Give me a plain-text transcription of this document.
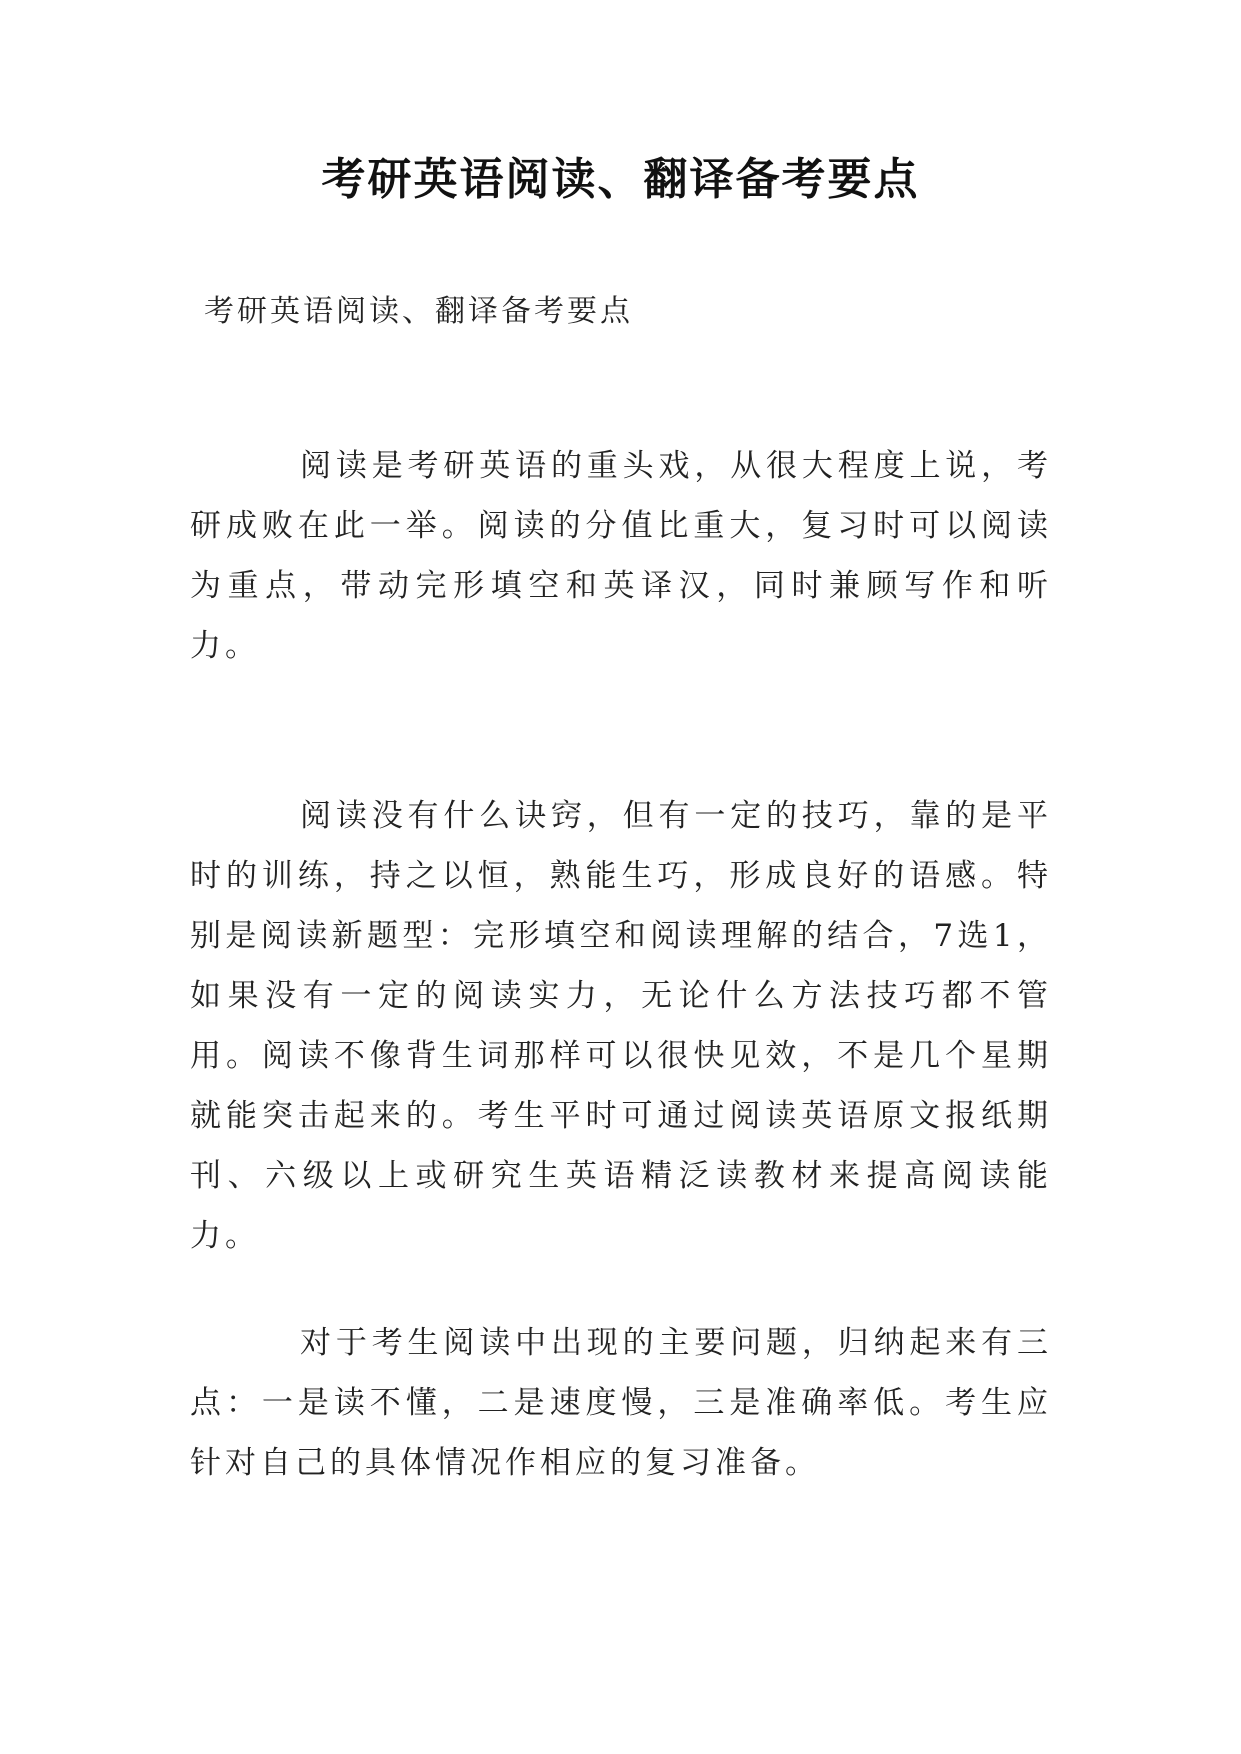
考研英语阅读、翻译备考要点
考研英语阅读、翻译备考要点

阅读是考研英语的重头戏，从很大程度上说，考研成败在此一举。阅读的分值比重大，复习时可以阅读为重点，带动完形填空和英译汉，同时兼顾写作和听力。

阅读没有什么诀窍，但有一定的技巧，靠的是平时的训练，持之以恒，熟能生巧，形成良好的语感。特别是阅读新题型：完形填空和阅读理解的结合，7选1，如果没有一定的阅读实力，无论什么方法技巧都不管用。阅读不像背生词那样可以很快见效，不是几个星期就能突击起来的。考生平时可通过阅读英语原文报纸期刊、六级以上或研究生英语精泛读教材来提高阅读能力。

对于考生阅读中出现的主要问题，归纳起来有三点：一是读不懂，二是速度慢，三是准确率低。考生应针对自己的具体情况作相应的复习准备。
